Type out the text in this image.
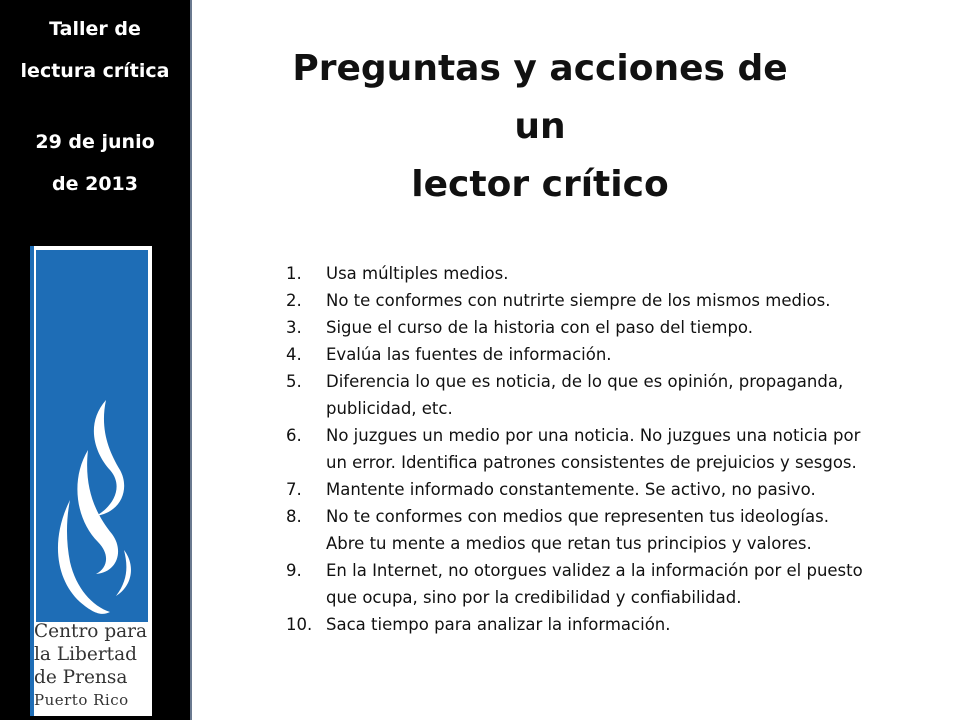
Taller de
lectura crítica
29 de junio
de 2013
Centro para
la Libertad
de Prensa
Puerto Rico
Preguntas y acciones de un
lector crítico
1. Usa múltiples medios.
2. No te conformes con nutrirte siempre de los mismos medios.
3. Sigue el curso de la historia con el paso del tiempo.
4. Evalúa las fuentes de información.
5. Diferencia lo que es noticia, de lo que es opinión, propaganda,
publicidad, etc.
6. No juzgues un medio por una noticia. No juzgues una noticia por
un error. Identifica patrones consistentes de prejuicios y sesgos.
7. Mantente informado constantemente. Se activo, no pasivo.
8. No te conformes con medios que representen tus ideologías.
Abre tu mente a medios que retan tus principios y valores.
9. En la Internet, no otorgues validez a la información por el puesto
que ocupa, sino por la credibilidad y confiabilidad.
10. Saca tiempo para analizar la información.
